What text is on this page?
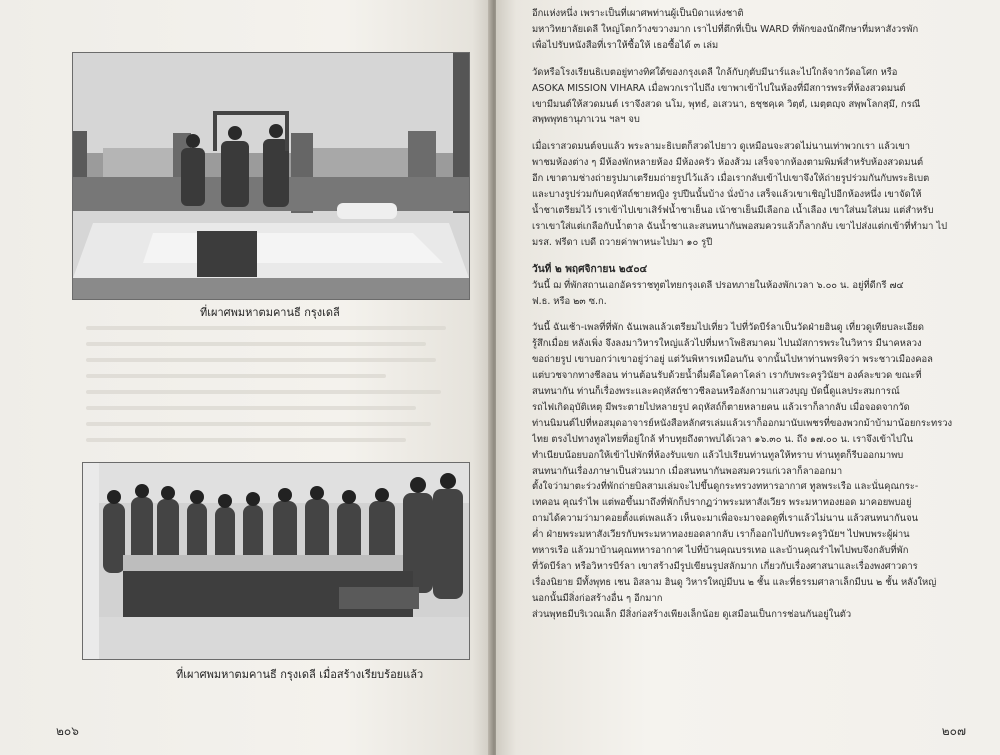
ที่เผาศพมหาตมคานธี กรุงเดลี
ที่เผาศพมหาตมคานธี กรุงเดลี เมื่อสร้างเรียบร้อยแล้ว
๒๐๖
อีกแห่งหนึ่ง เพราะเป็นที่เผาศพท่านผู้เป็นบิดาแห่งชาติ
มหาวิทยาลัยเดลี ใหญ่โตกว้างขวางมาก เราไปที่ตึกที่เป็น WARD ที่พักของนักศึกษาที่มหาสังวรพัก
เพื่อไปรับหนังสือที่เราให้ซื้อให้ เธอซื้อได้ ๓ เล่ม
วัดหรือโรงเรียนธิเบตอยู่ทางทิศใต้ของกรุงเดลี ใกล้กับกุตับมีนาร์และไปใกล้จากวัดอโศก หรือ
ASOKA MISSION VIHARA เมื่อพวกเราไปถึง เขาพาเข้าไปในห้องที่มีสการพระที่ห้องสวดมนต์
เขามีมนต์ให้สวดมนต์ เราจึงสวด นโม, พุทธํ, อเสวนา, ธชฺชคฺเค วิตฺตํ, เมตฺตญฺจ สพฺพโลกสฺมึ, กรณี
สพฺพพุทธานุภาเวน ฯลฯ จบ
เมื่อเราสวดมนต์จบแล้ว พระลามะธิเบตก็สวดไปยาว ดูเหมือนจะสวดไม่นานเท่าพวกเรา แล้วเขา
พาชมห้องต่าง ๆ มีห้องพักหลายห้อง มีห้องครัว ห้องส้วม เสร็จจากห้องตามพิมพ์สำหรับห้องสวดมนต์
อีก เขาตามช่างถ่ายรูปมาเตรียมถ่ายรูปไว้แล้ว เมื่อเรากลับเข้าไปเขาจึงให้ถ่ายรูปร่วมกันกับพระธิเบต
และบางรูปร่วมกับคฤหัสถ์ชายหญิง รูปปีนนั้นบ้าง นั่งบ้าง เสร็จแล้วเขาเชิญไปอีกห้องหนึ่ง เขาจัดให้
น้ำชาเตรียมไว้ เราเข้าไปเขาเสิร์ฟน้ำชาเย็นอ เน้าชาเย็นมีเลือกอ เน้ำเลือง เขาใส่นมใส่นม แต่สำหรับ
เราเขาใส่แต่เกลือกับน้ำตาล ฉันน้ำชาและสนทนากันพอสมควรแล้วก็ลากลับ เขาไปส่งแต่กเข้าที่ทำมา ไป
มรส. ฟรีดา เบดี ถวายค่าพาหนะไปมา ๑๐ รูปี
วันที่ ๒ พฤศจิกายน ๒๕๐๔
วันนี้ ฌ ที่พักสถานเอกอัครราชทูตไทยกรุงเดลี ปรอทภายในห้องพักเวลา ๖.๐๐ น. อยู่ที่ดีกรี ๗๔
ฟ.ธ. หรือ ๒๓ ซ.ก.
วันนี้ ฉันเช้า-เพลที่ที่พัก ฉันเพลแล้วเตรียมไปเที่ยว ไปที่วัดบีร์ลาเป็นวัดฝ่ายฮินดู เที่ยวดูเทียบละเอียด
รู้สึกเมื่อย หลังเพิ่ง จึงลงมาวิหารใหญ่แล้วไปที่มหาโพธิสมาคม ไปนมัสการพระในวิหาร มีนาคหลวง
ขอถ่ายรูป เขาบอกว่าเขาอยู่ว่าอยู่ แต่วันพิหารเหมือนกัน จากนั้นไปหาท่านพรหิจว่า พระชาวเมืองคอล
แต่บวชจากทางชีลอน ท่านต้อนรับด้วยน้ำดื่มคือโคคาโคล่า เรากับพระครูวินัยฯ องค์ละขวด ขณะที่
สนทนากัน ท่านก็เรื่องพระและคฤหัสถ์ชาวชีลอนหรือลังกามาแสวงบุญ บัดนี้ดูแลประสมการณ์
รถไฟเกิดอุบัติเหตุ มีพระตายไปหลายรูป คฤหัสถ์ก็ตายหลายคน แล้วเราก็ลากลับ เมื่อจอดจากวัด
ท่านนิมนต์ไปที่หอสมุดอาจารย์หนังสือหลักศรเล่มแล้วเราก็ออกมานับเพชรที่ของพวกม้าบ้ามาน้อยกระทรวง
ไทย ตรงไปทางทูลไทยที่อยู่ใกล้ ทำบทุยถึงตาพบได้เวลา ๑๖.๓๐ น. ถึง ๑๗.๐๐ น. เราจึงเข้าไปใน
ทำเนียบน้อยบอกให้เข้าไปพักที่ห้องรับแขก แล้วไปเรียนท่านทูลให้ทราบ ท่านทูตก็รีบออกมาพบ
สนทนากันเรื่องภาษาเป็นส่วนมาก เมื่อสนทนากันพอสมควรแก่เวลาก็ลาออกมา
ตั้งใจว่ามาตะร่วงที่พักถ่ายบิลสามเล่มจะไปขึ้นดูกระทรวงทหารอากาศ ทูลพระเรือ และนั่นคุณกระ-
เทคอน คุณรำไพ แต่พอขึ้นมาถึงที่พักก็ปรากฏว่าพระมหาสังเวียร พระมหาทองยอด มาคอยพบอยู่
ถามได้ความว่ามาคอยตั้งแต่เพลแล้ว เห็นจะมาเพื่อจะมาจอดดูที่เราแล้วไม่นาน แล้วสนทนากันจน
ค่ำ ฝ่ายพระมหาสังเวียรกับพระมหาทองยอดลากลับ เราก็ออกไปกับพระครูวินัยฯ ไปพบพระผู้ผ่าน
ทหารเรือ แล้วมาบ้านคุณทหารอากาศ ไปที่บ้านคุณบรรเทอ และบ้านคุณรำไพไปพบจึงกลับที่พัก
ที่วัดบีร์ลา หรือวิหารบีร์ลา เขาสร้างมีรูปเขียนรูปสลักมาก เกี่ยวกับเรื่องศาสนาและเรื่องพงศาวดาร
เรื่องนิยาย มีทั้งพุทธ เชน อิสลาม ฮินดู วิหารใหญ่มีบน ๒ ชั้น และที่ธรรมศาลาเล็กมีบน ๒ ชั้น หลังใหญ่
นอกนั้นมีสิ่งก่อสร้างอื่น ๆ อีกมาก
ส่วนพุทธมีบริเวณเล็ก มีสิ่งก่อสร้างเพียงเล็กน้อย ดูเสมือนเป็นการช่อนกันอยู่ในตัว
๒๐๗
